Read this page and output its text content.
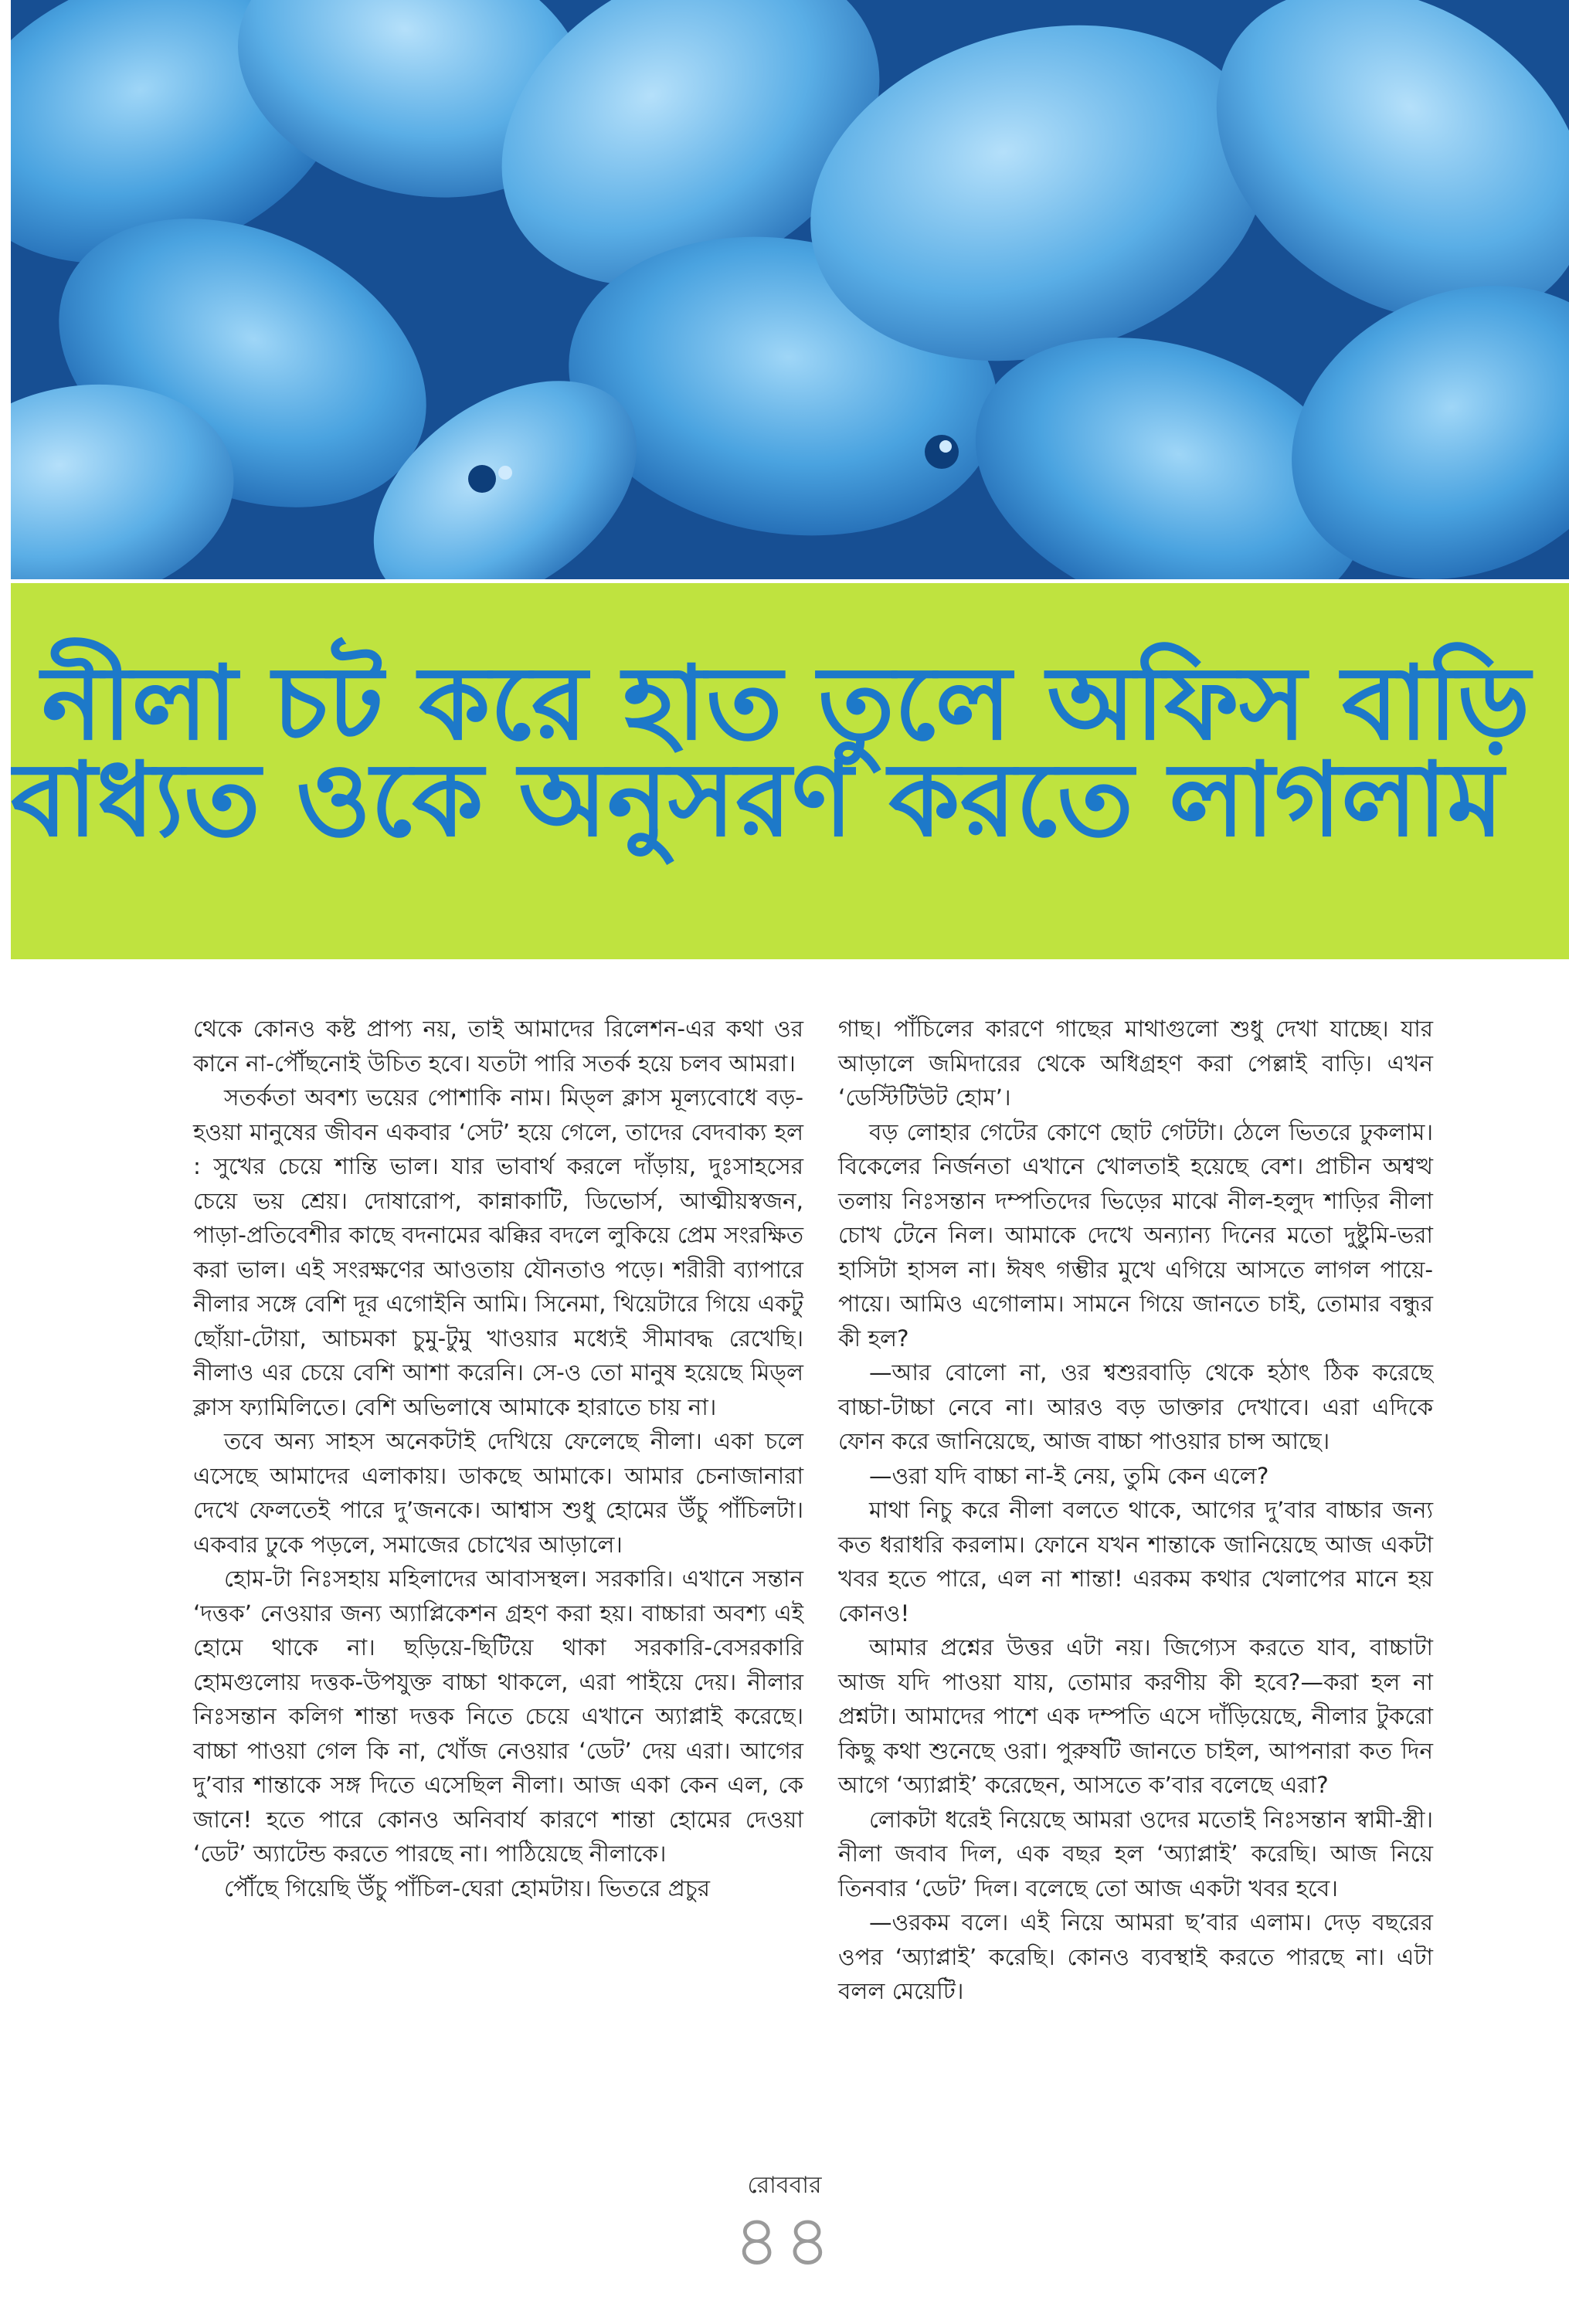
নীলা চট করে হাত তুলে অফিস বাড়ি
বাধ্যত ওকে অনুসরণ করতে লাগলাম

থেকে কোনও কষ্ট প্রাপ্য নয়, তাই আমাদের রিলেশন-এর কথা ওর কানে না-পৌঁছনোই উচিত হবে। যতটা পারি সতর্ক হয়ে চলব আমরা।

সতর্কতা অবশ্য ভয়ের পোশাকি নাম। মিড্‌ল ক্লাস মূল্যবোধে বড়-হওয়া মানুষের জীবন একবার ‘সেট’ হয়ে গেলে, তাদের বেদবাক্য হল : সুখের চেয়ে শান্তি ভাল। যার ভাবার্থ করলে দাঁড়ায়, দুঃসাহসের চেয়ে ভয় শ্রেয়। দোষারোপ, কান্নাকাটি, ডিভোর্স, আত্মীয়স্বজন, পাড়া-প্রতিবেশীর কাছে বদনামের ঝক্কির বদলে লুকিয়ে প্রেম সংরক্ষিত করা ভাল। এই সংরক্ষণের আওতায় যৌনতাও পড়ে। শরীরী ব্যাপারে নীলার সঙ্গে বেশি দূর এগোইনি আমি। সিনেমা, থিয়েটারে গিয়ে একটু ছোঁয়া-টোয়া, আচমকা চুমু-টুমু খাওয়ার মধ্যেই সীমাবদ্ধ রেখেছি। নীলাও এর চেয়ে বেশি আশা করেনি। সে-ও তো মানুষ হয়েছে মিড্‌ল ক্লাস ফ্যামিলিতে। বেশি অভিলাষে আমাকে হারাতে চায় না।

তবে অন্য সাহস অনেকটাই দেখিয়ে ফেলেছে নীলা। একা চলে এসেছে আমাদের এলাকায়। ডাকছে আমাকে। আমার চেনাজানারা দেখে ফেলতেই পারে দু’জনকে। আশ্বাস শুধু হোমের উঁচু পাঁচিলটা। একবার ঢুকে পড়লে, সমাজের চোখের আড়ালে।

হোম-টা নিঃসহায় মহিলাদের আবাসস্থল। সরকারি। এখানে সন্তান ‘দত্তক’ নেওয়ার জন্য অ্যাপ্লিকেশন গ্রহণ করা হয়। বাচ্চারা অবশ্য এই হোমে থাকে না। ছড়িয়ে-ছিটিয়ে থাকা সরকারি-বেসরকারি হোমগুলোয় দত্তক-উপযুক্ত বাচ্চা থাকলে, এরা পাইয়ে দেয়। নীলার নিঃসন্তান কলিগ শান্তা দত্তক নিতে চেয়ে এখানে অ্যাপ্লাই করেছে। বাচ্চা পাওয়া গেল কি না, খোঁজ নেওয়ার ‘ডেট’ দেয় এরা। আগের দু’বার শান্তাকে সঙ্গ দিতে এসেছিল নীলা। আজ একা কেন এল, কে জানে! হতে পারে কোনও অনিবার্য কারণে শান্তা হোমের দেওয়া ‘ডেট’ অ্যাটেন্ড করতে পারছে না। পাঠিয়েছে নীলাকে।

পৌঁছে গিয়েছি উঁচু পাঁচিল-ঘেরা হোমটায়। ভিতরে প্রচুর

গাছ। পাঁচিলের কারণে গাছের মাথাগুলো শুধু দেখা যাচ্ছে। যার আড়ালে জমিদারের থেকে অধিগ্রহণ করা পেল্লাই বাড়ি। এখন ‘ডেস্টিটিউট হোম’।

বড় লোহার গেটের কোণে ছোট গেটটা। ঠেলে ভিতরে ঢুকলাম। বিকেলের নির্জনতা এখানে খোলতাই হয়েছে বেশ। প্রাচীন অশ্বত্থ তলায় নিঃসন্তান দম্পতিদের ভিড়ের মাঝে নীল-হলুদ শাড়ির নীলা চোখ টেনে নিল। আমাকে দেখে অন্যান্য দিনের মতো দুষ্টুমি-ভরা হাসিটা হাসল না। ঈষৎ গম্ভীর মুখে এগিয়ে আসতে লাগল পায়ে-পায়ে। আমিও এগোলাম। সামনে গিয়ে জানতে চাই, তোমার বন্ধুর কী হল?

—আর বোলো না, ওর শ্বশুরবাড়ি থেকে হঠাৎ ঠিক করেছে বাচ্চা-টাচ্চা নেবে না। আরও বড় ডাক্তার দেখাবে। এরা এদিকে ফোন করে জানিয়েছে, আজ বাচ্চা পাওয়ার চান্স আছে।

—ওরা যদি বাচ্চা না-ই নেয়, তুমি কেন এলে?

মাথা নিচু করে নীলা বলতে থাকে, আগের দু’বার বাচ্চার জন্য কত ধরাধরি করলাম। ফোনে যখন শান্তাকে জানিয়েছে আজ একটা খবর হতে পারে, এল না শান্তা! এরকম কথার খেলাপের মানে হয় কোনও!

আমার প্রশ্নের উত্তর এটা নয়। জিগ্যেস করতে যাব, বাচ্চাটা আজ যদি পাওয়া যায়, তোমার করণীয় কী হবে?—করা হল না প্রশ্নটা। আমাদের পাশে এক দম্পতি এসে দাঁড়িয়েছে, নীলার টুকরো কিছু কথা শুনেছে ওরা। পুরুষটি জানতে চাইল, আপনারা কত দিন আগে ‘অ্যাপ্লাই’ করেছেন, আসতে ক’বার বলেছে এরা?

লোকটা ধরেই নিয়েছে আমরা ওদের মতোই নিঃসন্তান স্বামী-স্ত্রী। নীলা জবাব দিল, এক বছর হল ‘অ্যাপ্লাই’ করেছি। আজ নিয়ে তিনবার ‘ডেট’ দিল। বলেছে তো আজ একটা খবর হবে।

—ওরকম বলে। এই নিয়ে আমরা ছ’বার এলাম। দেড় বছরের ওপর ‘অ্যাপ্লাই’ করেছি। কোনও ব্যবস্থাই করতে পারছে না। এটা বলল মেয়েটি।

রোববার
৪৪
